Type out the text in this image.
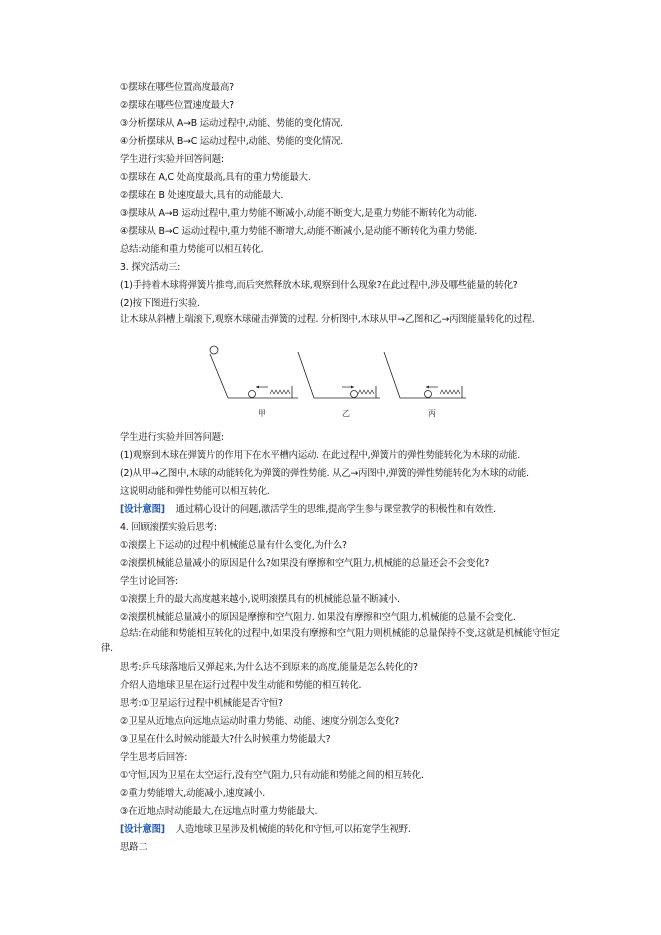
①摆球在哪些位置高度最高?
②摆球在哪些位置速度最大?
③分析摆球从 A→B 运动过程中,动能、势能的变化情况.
④分析摆球从 B→C 运动过程中,动能、势能的变化情况.
学生进行实验并回答问题:
①摆球在 A,C 处高度最高,具有的重力势能最大.
②摆球在 B 处速度最大,具有的动能最大.
③摆球从 A→B 运动过程中,重力势能不断减小,动能不断变大,是重力势能不断转化为动能.
④摆球从 B→C 运动过程中,重力势能不断增大,动能不断减小,是动能不断转化为重力势能.
总结:动能和重力势能可以相互转化.
3. 探究活动三:
(1)手持着木球将弹簧片推弯,而后突然释放木球,观察到什么现象?在此过程中,涉及哪些能量的转化?
(2)按下图进行实验.
让木球从斜槽上端滚下,观察木球碰击弹簧的过程. 分析图中,木球从甲→乙图和乙→丙图能量转化的过程.
甲	乙	丙
学生进行实验并回答问题:
(1)观察到木球在弹簧片的作用下在水平槽内运动. 在此过程中,弹簧片的弹性势能转化为木球的动能.
(2)从甲→乙图中,木球的动能转化为弹簧的弹性势能. 从乙→丙图中,弹簧的弹性势能转化为木球的动能.
这说明动能和弹性势能可以相互转化.
[设计意图] 通过精心设计的问题,激活学生的思维,提高学生参与课堂教学的积极性和有效性.
4. 回顾滚摆实验后思考:
①滚摆上下运动的过程中机械能总量有什么变化,为什么?
②滚摆机械能总量减小的原因是什么?如果没有摩擦和空气阻力,机械能的总量还会不会变化?
学生讨论回答:
①滚摆上升的最大高度越来越小,说明滚摆具有的机械能总量不断减小.
②滚摆机械能总量减小的原因是摩擦和空气阻力. 如果没有摩擦和空气阻力,机械能的总量不会变化.
总结:在动能和势能相互转化的过程中,如果没有摩擦和空气阻力则机械能的总量保持不变,这就是机械能守恒定律.
思考:乒乓球落地后又弹起来,为什么达不到原来的高度,能量是怎么转化的?
介绍人造地球卫星在运行过程中发生动能和势能的相互转化.
思考:①卫星运行过程中机械能是否守恒?
②卫星从近地点向远地点运动时重力势能、动能、速度分别怎么变化?
③卫星在什么时候动能最大?什么时候重力势能最大?
学生思考后回答:
①守恒,因为卫星在太空运行,没有空气阻力,只有动能和势能之间的相互转化.
②重力势能增大,动能减小,速度减小.
③在近地点时动能最大,在远地点时重力势能最大.
[设计意图] 人造地球卫星涉及机械能的转化和守恒,可以拓宽学生视野.
思路二
